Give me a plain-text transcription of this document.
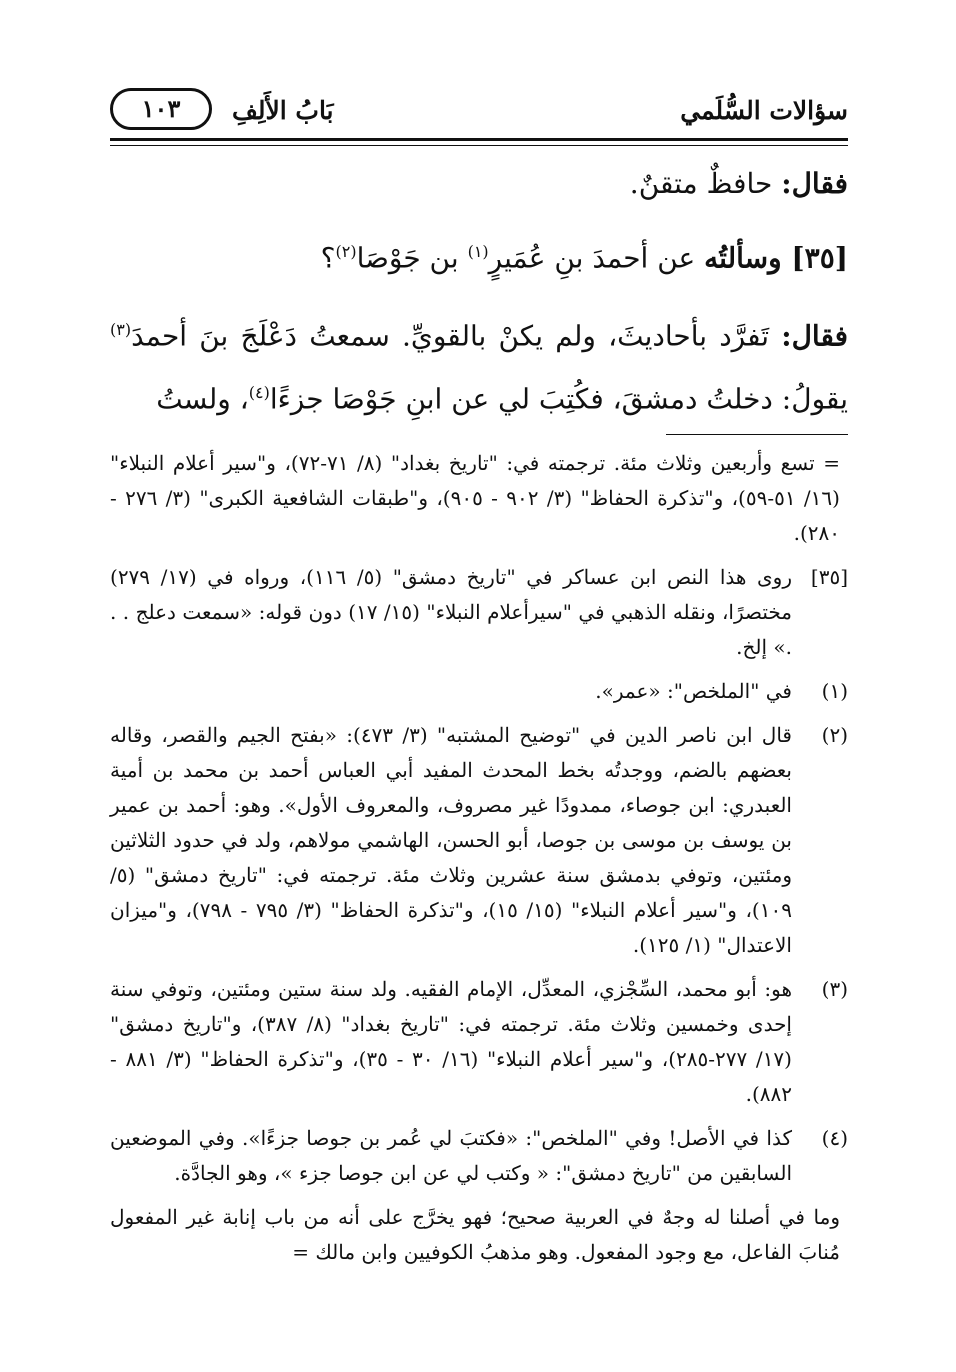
سؤالات السُّلَمي
بَابُ الأَلِفِ
١٠٣

فقال: حافظٌ متقنٌ.

[٣٥] وسألتُه عن أحمدَ بنِ عُمَيرٍ$^{(١)}$ بن جَوْصَا$^{(٢)}$؟

فقال: تَفرَّد بأحاديثَ، ولم يكنْ بالقويِّ. سمعتُ دَعْلَجَ بنَ أحمدَ$^{(٣)}$ يقولُ: دخلتُ دمشقَ، فكُتِبَ لي عن ابنِ جَوْصَا جزءًا$^{(٤)}$، ولستُ

= تسع وأربعين وثلاث مئة. ترجمته في: "تاريخ بغداد" (٨/ ٧١-٧٢)، و"سير أعلام النبلاء" (١٦/ ٥١-٥٩)، و"تذكرة الحفاظ" (٣/ ٩٠٢ - ٩٠٥)، و"طبقات الشافعية الكبرى" (٣/ ٢٧٦ - ٢٨٠).

[٣٥]
روى هذا النص ابن عساكر في "تاريخ دمشق" (٥/ ١١٦)، ورواه في (١٧/ ٢٧٩) مختصرًا، ونقله الذهبي في "سيرأعلام النبلاء" (١٥/ ١٧) دون قوله: «سمعت دعلج . . .» إلخ.
(١)
في "الملخص": «عمر».
(٢)
قال ابن ناصر الدين في "توضيح المشتبه" (٣/ ٤٧٣): «بفتح الجيم والقصر، وقاله بعضهم بالضم، ووجدتُه بخط المحدث المفيد أبي العباس أحمد بن محمد بن أمية العبدري: ابن جوصاء، ممدودًا غير مصروف، والمعروف الأول». وهو: أحمد بن عمير بن يوسف بن موسى بن جوصا، أبو الحسن، الهاشمي مولاهم، ولد في حدود الثلاثين ومئتين، وتوفي بدمشق سنة عشرين وثلاث مئة. ترجمته في: "تاريخ دمشق" (٥/ ١٠٩)، و"سير أعلام النبلاء" (١٥/ ١٥)، و"تذكرة الحفاظ" (٣/ ٧٩٥ - ٧٩٨)، و"ميزان الاعتدال" (١/ ١٢٥).
(٣)
هو: أبو محمد، السِّجْزي، المعدِّل، الإمام الفقيه. ولد سنة ستين ومئتين، وتوفي سنة إحدى وخمسين وثلاث مئة. ترجمته في: "تاريخ بغداد" (٨/ ٣٨٧)، و"تاريخ دمشق" (١٧/ ٢٧٧-٢٨٥)، و"سير أعلام النبلاء" (١٦/ ٣٠ - ٣٥)، و"تذكرة الحفاظ" (٣/ ٨٨١ - ٨٨٢).
(٤)
كذا في الأصل! وفي "الملخص": «فكتبَ لي عُمر بن جوصا جزءًا». وفي الموضعين السابقين من "تاريخ دمشق": « وكتب لي عن ابن جوصا جزء »، وهو الجادَّة.

وما في أصلنا له وجهٌ في العربية صحيح؛ فهو يخرَّج على أنه من باب إنابة غير المفعول مُنابَ الفاعل، مع وجود المفعول. وهو مذهبُ الكوفيين وابن مالك =
